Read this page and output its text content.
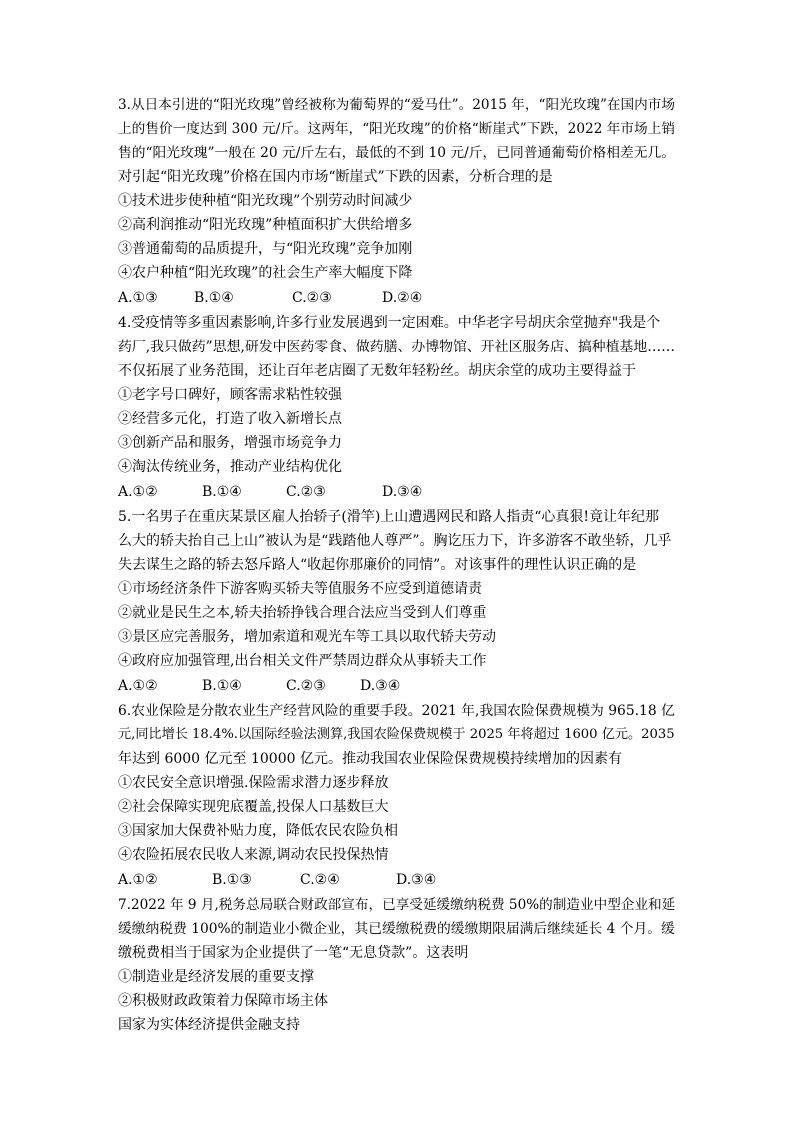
3.从日本引进的“阳光玫瑰”曾经被称为葡萄界的“爱马仕”。2015 年，“阳光玫瑰”在国内市场
上的售价一度达到 300 元/斤。这两年，“阳光玫瑰”的价格“断崖式”下跌，2022 年市场上销
售的“阳光玫瑰”一般在 20 元/斤左右，最低的不到 10 元/斤，已同普通葡萄价格相差无几。
对引起“阳光玫瑰”价格在国内市场“断崖式”下跌的因素，分析合理的是
①技术进步使种植“阳光玫瑰”个别劳动时间减少
②高利润推动“阳光玫瑰”种植面积扩大供给增多
③普通葡萄的品质提升，与“阳光玫瑰”竞争加刚
④农户种植“阳光玫瑰”的社会生产率大幅度下降
A.①③	B.①④	C.②③	D.②④
4.受疫情等多重因素影响,许多行业发展遇到一定困难。中华老字号胡庆余堂抛弃"我是个
药厂,我只做药”思想,研发中医药零食、做药膳、办博物馆、开社区服务店、搞种植基地……
不仅拓展了业务范围，还让百年老店圈了无数年轻粉丝。胡庆余堂的成功主要得益于
①老字号口碑好，顾客需求粘性较强
②经营多元化，打造了收入新增长点
③创新产品和服务，增强市场竞争力
④淘汰传统业务，推动产业结构优化
A.①②	B.①④	C.②③	D.③④
5.一名男子在重庆某景区雇人抬轿子(滑竿)上山遭遇网民和路人指责“心真狠!竟让年纪那
么大的轿夫抬自己上山”被认为是“践踏他人尊严”。胸讫压力下，许多游客不敢坐轿，几乎
失去谋生之路的轿去怒斥路人“收起你那廉价的同情”。对该事件的理性认识正确的是
①市场经济条件下游客购买轿夫等值服务不应受到道德请责
②就业是民生之本,轿夫抬轿挣钱合理合法应当受到人们尊重
③景区应完善服务，增加索道和观光车等工具以取代轿夫劳动
④政府应加强管理,出台相关文件严禁周边群众从事轿夫工作
A.①②	B.①④	C.②③ D.③④
6.农业保险是分散农业生产经营风险的重要手段。2021 年,我国农险保费规模为 965.18 亿
元,同比增长 18.4%.以国际经验法测算,我国农险保费规模于 2025 年将超过 1600 亿元。2035
年达到 6000 亿元至 10000 亿元。推动我国农业保险保费规模持续增加的因素有
①农民安全意识增强.保险需求潜力逐步释放
②社会保障实现兜底覆盖,投保人口基数巨大
③国家加大保费补贴力度，降低农民农险负相
④农险拓展农民收人来源,调动农民投保热情
A.①②	B.①③	C.②④	D.③④
7.2022 年 9 月,税务总局联合财政部宣布，已享受延缓缴纳税费 50%的制造业中型企业和延
缓缴纳税费 100%的制造业小微企业，其已缓缴税费的缓缴期限届满后继续延长 4 个月。缓
缴税费相当于国家为企业提供了一笔“无息贷款”。这表明
①制造业是经济发展的重要支撑
②积极财政政策着力保障市场主体
国家为实体经济提供金融支持
